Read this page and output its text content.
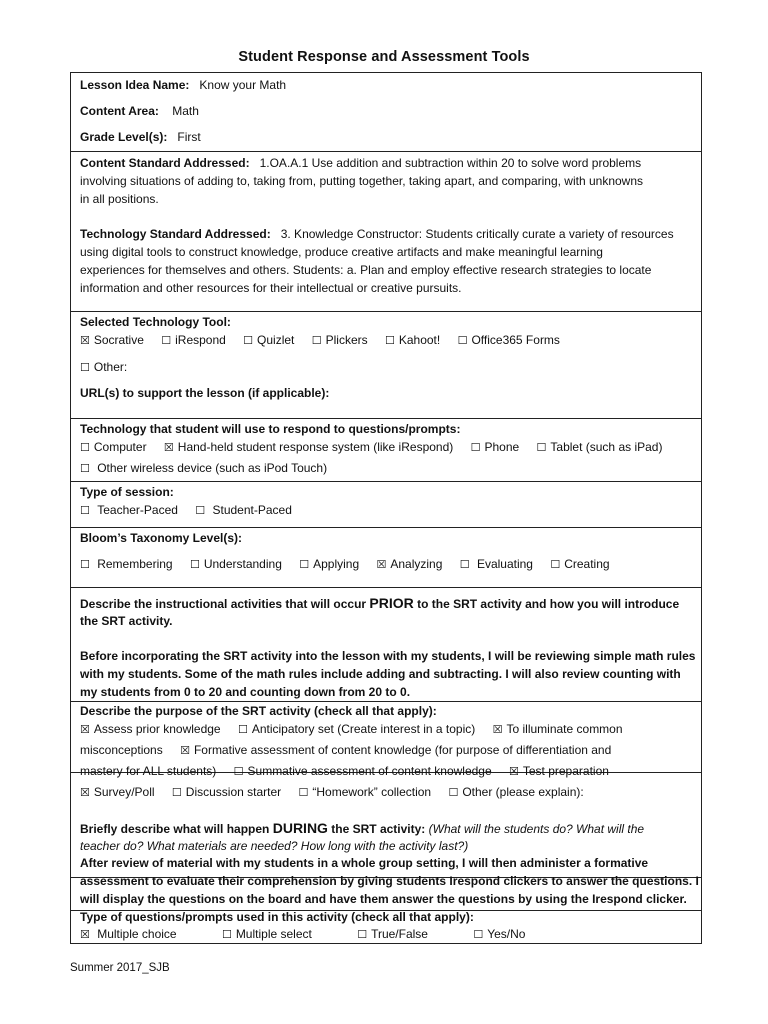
Student Response and Assessment Tools
Lesson Idea Name: Know your Math
Content Area: Math
Grade Level(s): First
Content Standard Addressed: 1.OA.A.1 Use addition and subtraction within 20 to solve word problems
involving situations of adding to, taking from, putting together, taking apart, and comparing, with unknowns
in all positions.
Technology Standard Addressed: 3. Knowledge Constructor: Students critically curate a variety of resources
using digital tools to construct knowledge, produce creative artifacts and make meaningful learning
experiences for themselves and others. Students: a. Plan and employ effective research strategies to locate
information and other resources for their intellectual or creative pursuits.
Selected Technology Tool:
☒ Socrative ☐ iRespond ☐ Quizlet ☐ Plickers ☐ Kahoot! ☐ Office365 Forms
☐ Other:
URL(s) to support the lesson (if applicable):
Technology that student will use to respond to questions/prompts:
☐ Computer ☒ Hand-held student response system (like iRespond) ☐ Phone ☐ Tablet (such as iPad)
☐ Other wireless device (such as iPod Touch)
Type of session:
☐ Teacher-Paced ☐ Student-Paced
Bloom’s Taxonomy Level(s):
☐ Remembering ☐ Understanding ☐ Applying ☒ Analyzing ☐ Evaluating ☐ Creating
Describe the instructional activities that will occur PRIOR to the SRT activity and how you will introduce
the SRT activity.
Before incorporating the SRT activity into the lesson with my students, I will be reviewing simple math rules
with my students. Some of the math rules include adding and subtracting. I will also review counting with
my students from 0 to 20 and counting down from 20 to 0.
Describe the purpose of the SRT activity (check all that apply):
☒ Assess prior knowledge ☐ Anticipatory set (Create interest in a topic) ☒ To illuminate common
misconceptions ☒ Formative assessment of content knowledge (for purpose of differentiation and
mastery for ALL students) ☐ Summative assessment of content knowledge ☒ Test preparation
☒ Survey/Poll ☐ Discussion starter ☐ “Homework” collection ☐ Other (please explain):
Briefly describe what will happen DURING the SRT activity: (What will the students do? What will the
teacher do? What materials are needed? How long with the activity last?)
After review of material with my students in a whole group setting, I will then administer a formative
assessment to evaluate their comprehension by giving students Irespond clickers to answer the questions. I
will display the questions on the board and have them answer the questions by using the Irespond clicker.
Type of questions/prompts used in this activity (check all that apply):
☒ Multiple choice	☐ Multiple select	☐ True/False	☐ Yes/No
Summer 2017_SJB
